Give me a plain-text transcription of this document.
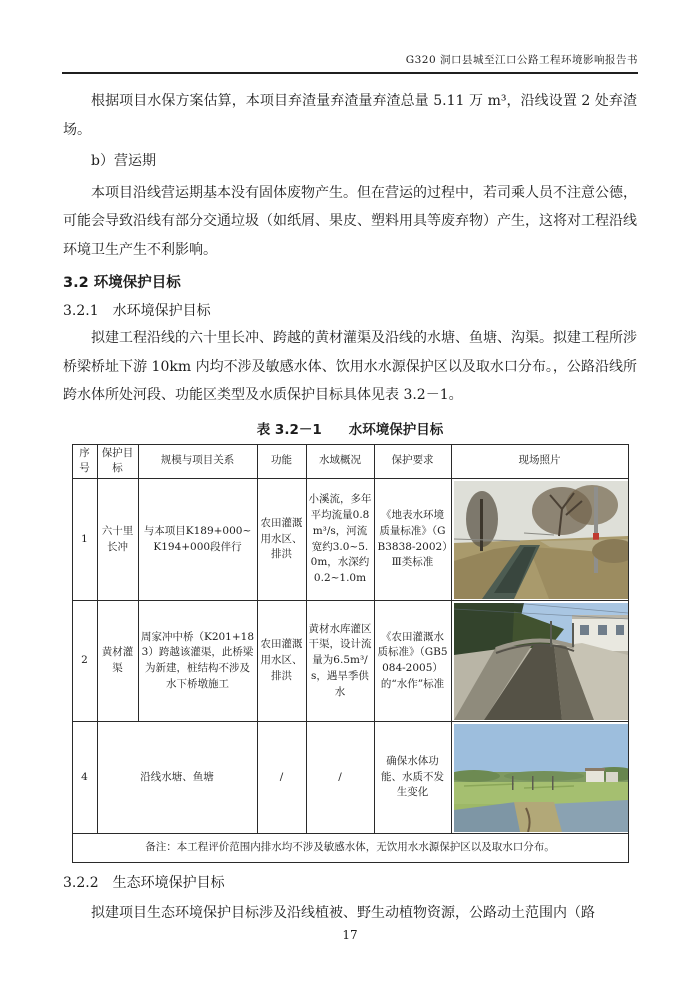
G320 洞口县城至江口公路工程环境影响报告书

根据项目水保方案估算，本项目弃渣量弃渣量弃渣总量 5.11 万 m³，沿线设置 2 处弃渣场。

b）营运期

本项目沿线营运期基本没有固体废物产生。但在营运的过程中，若司乘人员不注意公德，可能会导致沿线有部分交通垃圾（如纸屑、果皮、塑料用具等废弃物）产生，这将对工程沿线环境卫生产生不利影响。

3.2 环境保护目标
3.2.1　水环境保护目标

拟建工程沿线的六十里长冲、跨越的黄材灌渠及沿线的水塘、鱼塘、沟渠。拟建工程所涉桥梁桥址下游 10km 内均不涉及敏感水体、饮用水水源保护区以及取水口分布。，公路沿线所跨水体所处河段、功能区类型及水质保护目标具体见表 3.2－1。

表 3.2－1　　水环境保护目标
序号	保护目标	规模与项目关系	功能	水域概况	保护要求	现场照片
1	六十里长冲	与本项目K189+000~K194+000段伴行	农田灌溉用水区、排洪	小溪流，多年平均流量0.8m³/s，河流宽约3.0~5.0m，水深约0.2~1.0m	《地表水环境质量标准》（GB3838-2002）Ⅲ类标准	

2	黄材灌渠	周家冲中桥（K201+183）跨越该灌渠，此桥梁为新建，桩结构不涉及水下桥墩施工	农田灌溉用水区、排洪	黄材水库灌区干渠，设计流量为6.5m³/s，遇旱季供水	《农田灌溉水质标准》（GB5084-2005）的“水作”标准	

4	沿线水塘、鱼塘		/	/	确保水体功能、水质不发生变化	

备注：本工程评价范围内排水均不涉及敏感水体，无饮用水水源保护区以及取水口分布。						
3.2.2　生态环境保护目标

拟建项目生态环境保护目标涉及沿线植被、野生动植物资源，公路动土范围内（路

17
